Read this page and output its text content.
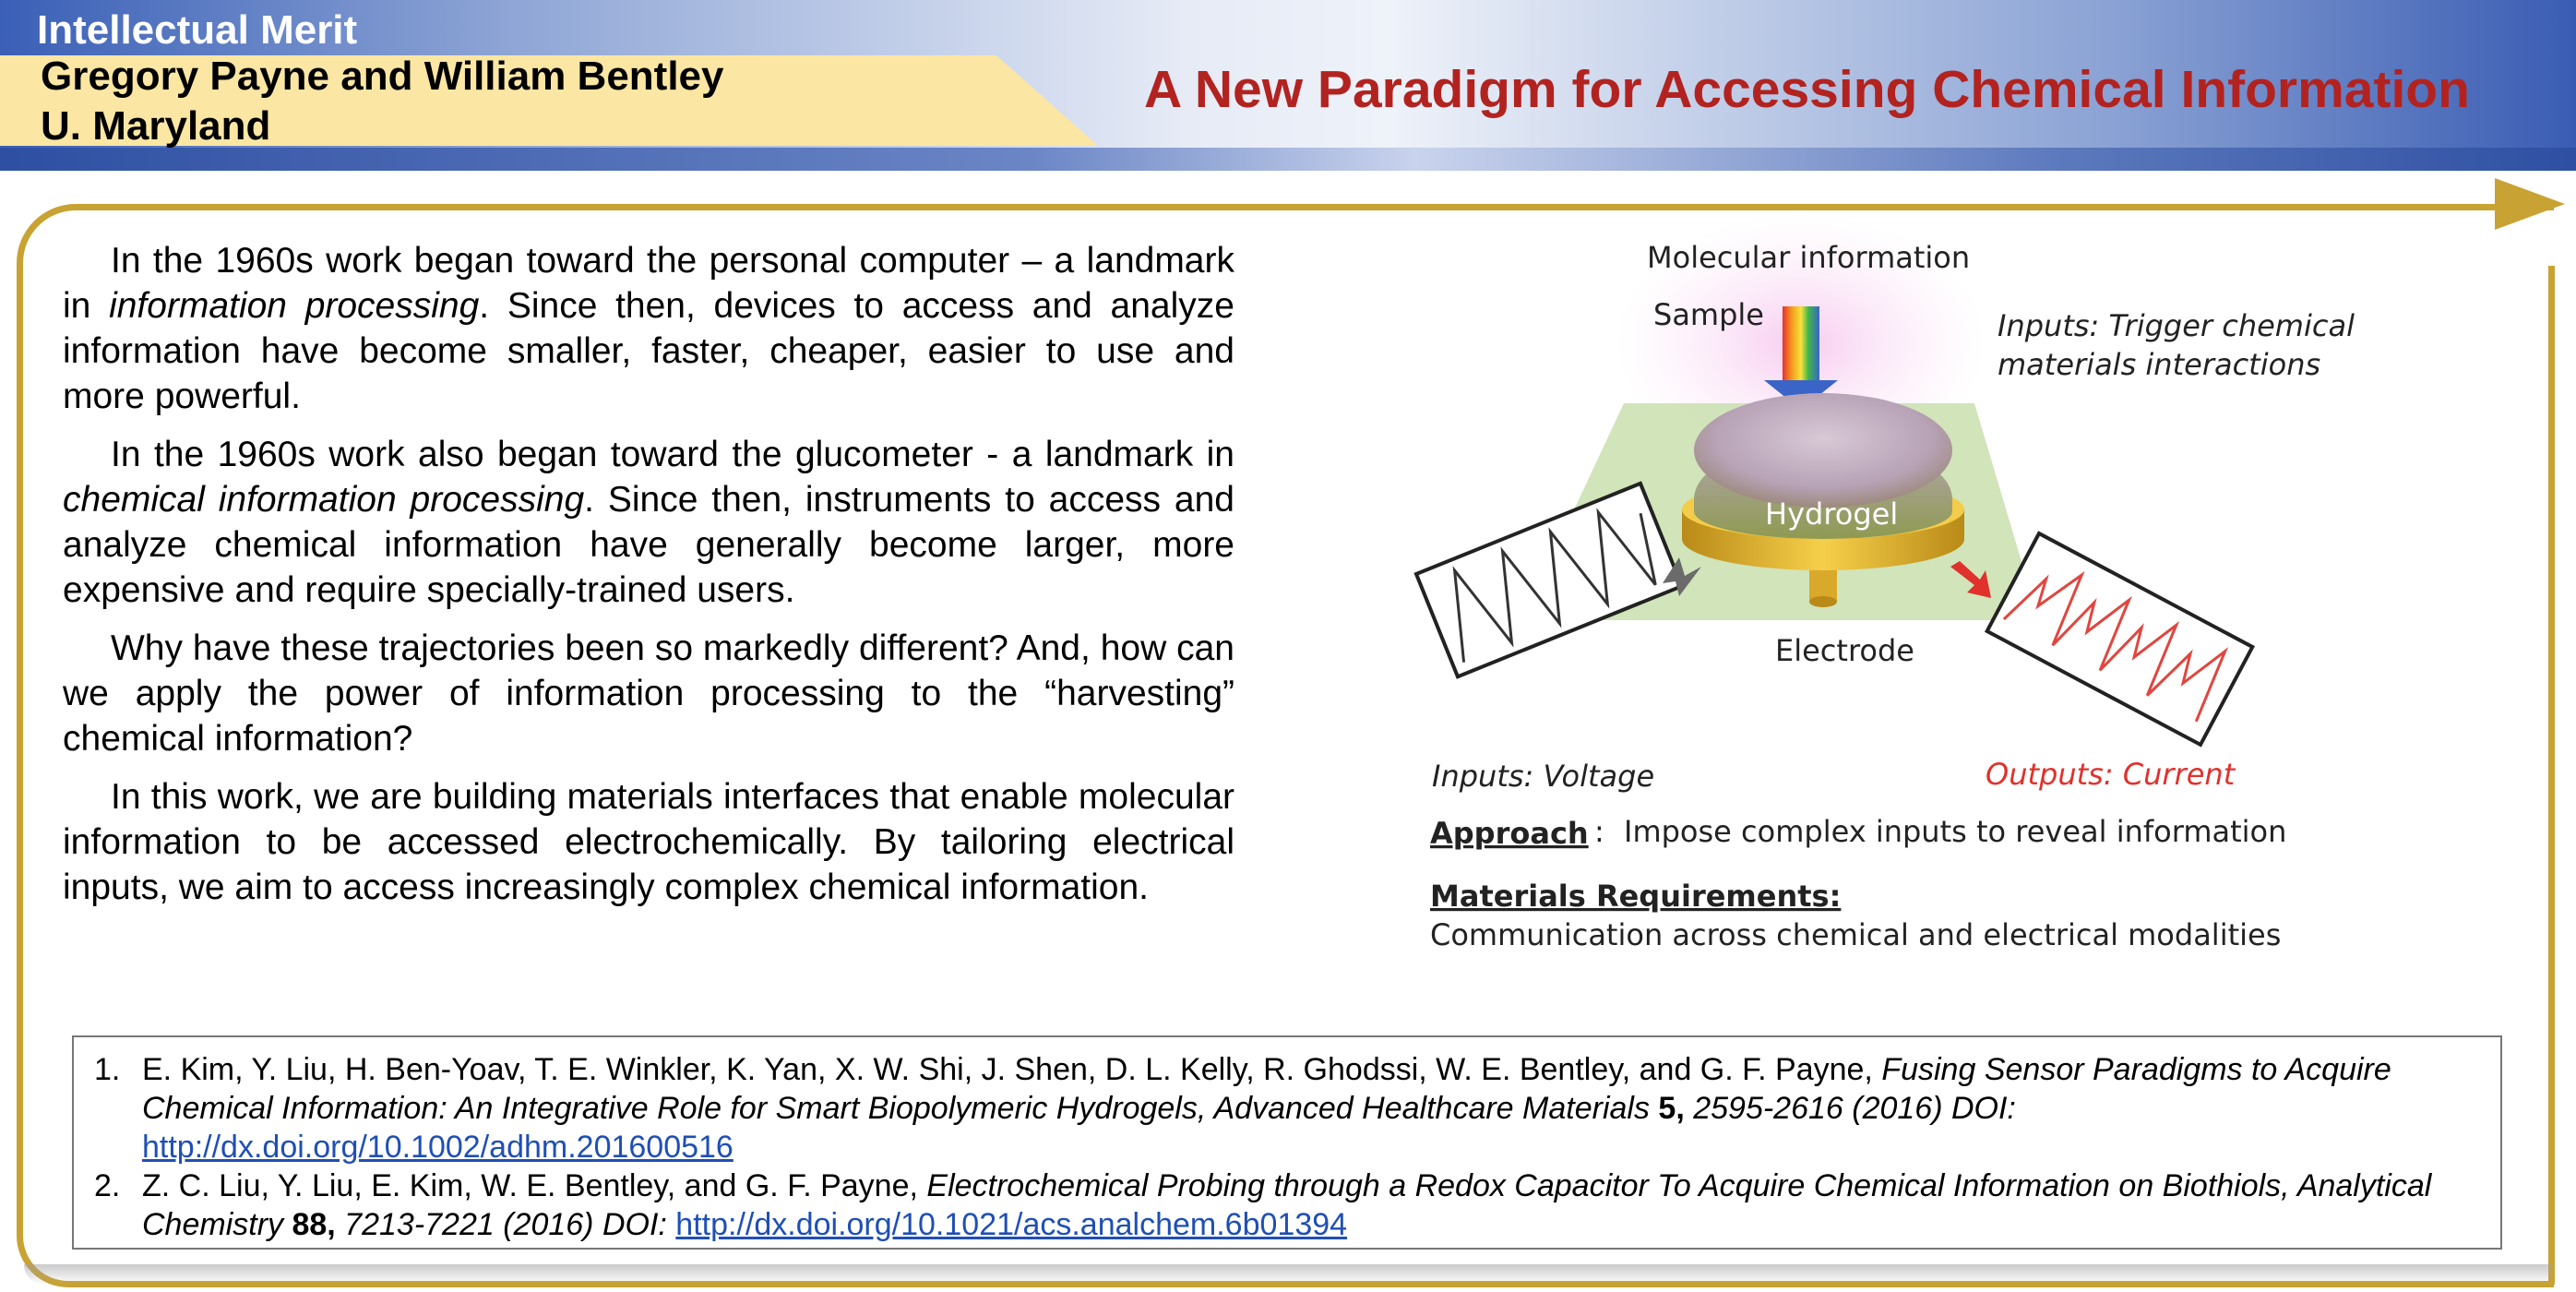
Intellectual Merit
Gregory Payne and William Bentley
U. Maryland
A New Paradigm for Accessing Chemical Information

In the 1960s work began toward the personal computer – a landmark in information processing. Since then, devices to access and analyze information have become smaller, faster, cheaper, easier to use and more powerful.

In the 1960s work also began toward the glucometer - a landmark in chemical information processing. Since then, instruments to access and analyze chemical information have generally become larger, more expensive and require specially-trained users.

Why have these trajectories been so markedly different? And, how can we apply the power of information processing to the “harvesting” chemical information?

In this work, we are building materials interfaces that enable molecular information to be accessed electrochemically. By tailoring electrical inputs, we aim to access increasingly complex chemical information.

Molecular information
Sample	Inputs: Trigger chemical
materials interactions
Hydrogel
Electrode
Inputs: Voltage	Outputs: Current
Approach : Impose complex inputs to reveal information
Materials Requirements:
Communication across chemical and electrical modalities

1. E. Kim, Y. Liu, H. Ben-Yoav, T. E. Winkler, K. Yan, X. W. Shi, J. Shen, D. L. Kelly, R. Ghodssi, W. E. Bentley, and G. F. Payne, Fusing Sensor Paradigms to Acquire Chemical Information: An Integrative Role for Smart Biopolymeric Hydrogels, Advanced Healthcare Materials 5, 2595-2616 (2016) DOI: http://dx.doi.org/10.1002/adhm.201600516

2. Z. C. Liu, Y. Liu, E. Kim, W. E. Bentley, and G. F. Payne, Electrochemical Probing through a Redox Capacitor To Acquire Chemical Information on Biothiols, Analytical Chemistry 88, 7213-7221 (2016) DOI: http://dx.doi.org/10.1021/acs.analchem.6b01394
